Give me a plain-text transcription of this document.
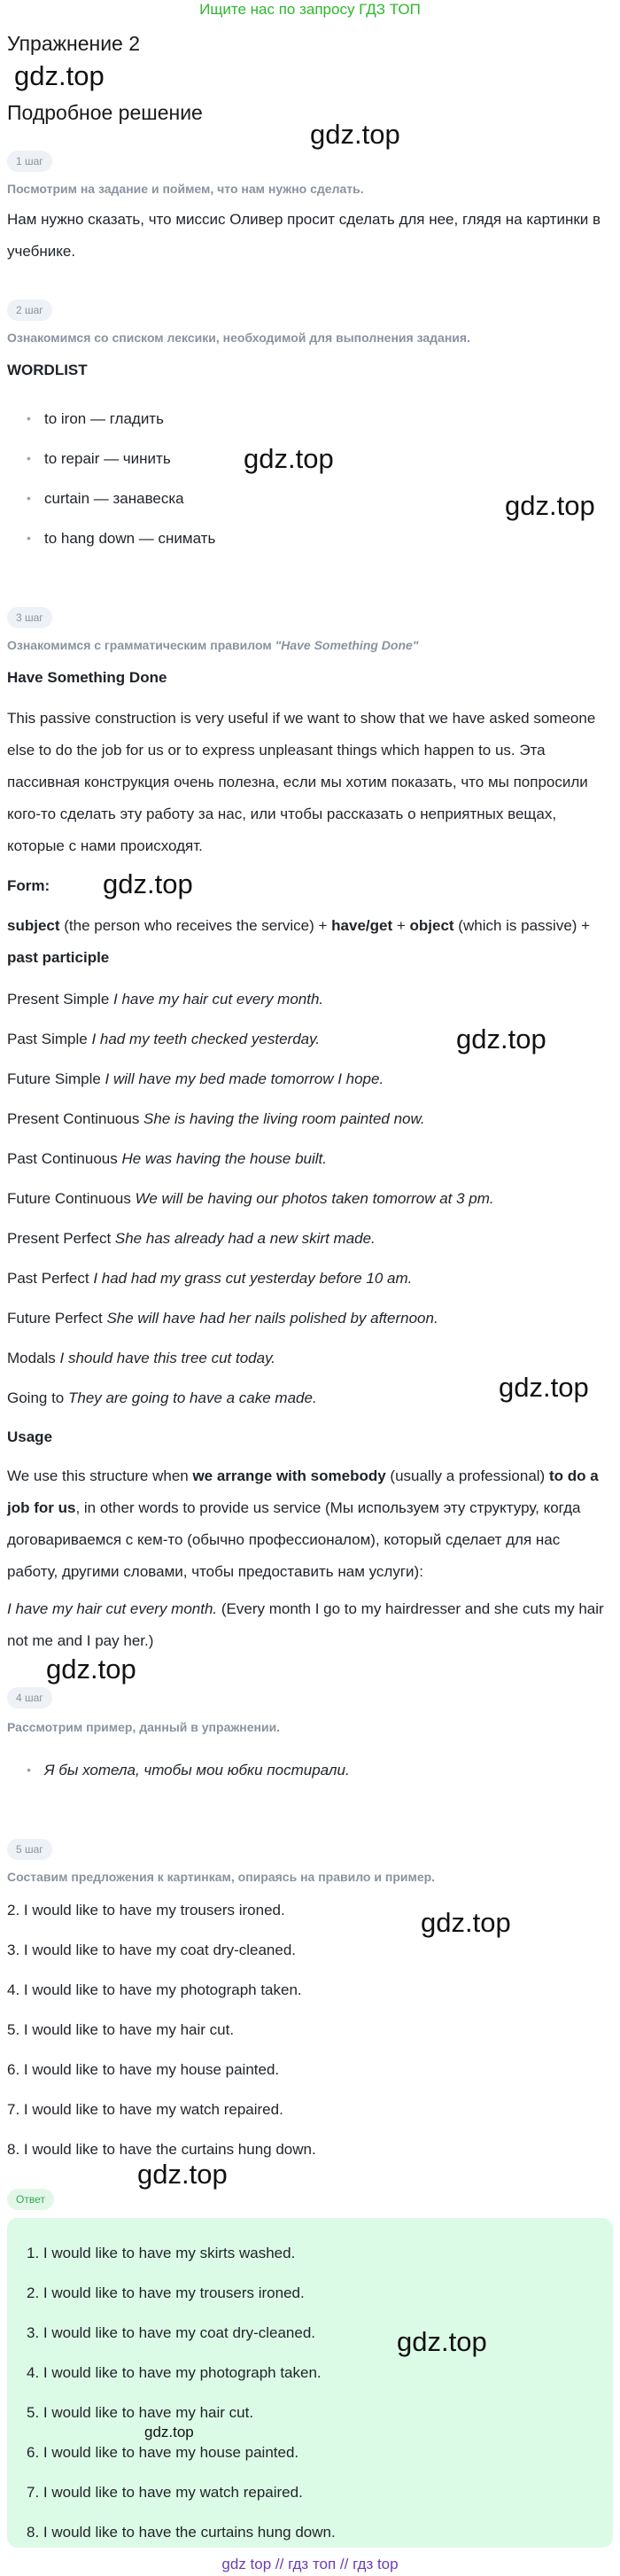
Ищите нас по запросу ГДЗ ТОП
Упражнение 2
gdz.top
Подробное решение
gdz.top
1 шаг
Посмотрим на задание и поймем, что нам нужно сделать.
Нам нужно сказать, что миссис Оливер просит сделать для нее, глядя на картинки в учебнике.
2 шаг
Ознакомимся со списком лексики, необходимой для выполнения задания.
WORDLIST
• to iron — гладить
• to repair — чинить
• curtain — занавеска
• to hang down — снимать
gdz.top
gdz.top
3 шаг
Ознакомимся с грамматическим правилом "Have Something Done"
Have Something Done
This passive construction is very useful if we want to show that we have asked someone else to do the job for us or to express unpleasant things which happen to us. Эта пассивная конструкция очень полезна, если мы хотим показать, что мы попросили кого-то сделать эту работу за нас, или чтобы рассказать о неприятных вещах, которые с нами происходят.
Form: gdz.top
subject (the person who receives the service) + have/get + object (which is passive) + past participle
Present Simple I have my hair cut every month.
Past Simple I had my teeth checked yesterday.	gdz.top
Future Simple I will have my bed made tomorrow I hope.
Present Continuous She is having the living room painted now.
Past Continuous He was having the house built.
Future Continuous We will be having our photos taken tomorrow at 3 pm.
Present Perfect She has already had a new skirt made.
Past Perfect I had had my grass cut yesterday before 10 am.
Future Perfect She will have had her nails polished by afternoon.
Modals I should have this tree cut today.
Going to They are going to have a cake made.	gdz.top
Usage
We use this structure when we arrange with somebody (usually a professional) to do a job for us, in other words to provide us service (Мы используем эту структуру, когда договариваемся с кем-то (обычно профессионалом), который сделает для нас работу, другими словами, чтобы предоставить нам услуги):
I have my hair cut every month. (Every month I go to my hairdresser and she cuts my hair not me and I pay her.)
gdz.top
4 шаг
Рассмотрим пример, данный в упражнении.
• Я бы хотела, чтобы мои юбки постирали.
5 шаг
Составим предложения к картинкам, опираясь на правило и пример.
2. I would like to have my trousers ironed.
3. I would like to have my coat dry-cleaned.
gdz.top
4. I would like to have my photograph taken.
5. I would like to have my hair cut.
6. I would like to have my house painted.
7. I would like to have my watch repaired.
8. I would like to have the curtains hung down.
gdz.top
Ответ
1. I would like to have my skirts washed.
2. I would like to have my trousers ironed.
3. I would like to have my coat dry-cleaned.
4. I would like to have my photograph taken.
5. I would like to have my hair cut.
6. I would like to have my house painted.
7. I would like to have my watch repaired.
8. I would like to have the curtains hung down.
gdz.top
gdz.top
gdz top // гдз топ // гдз top
